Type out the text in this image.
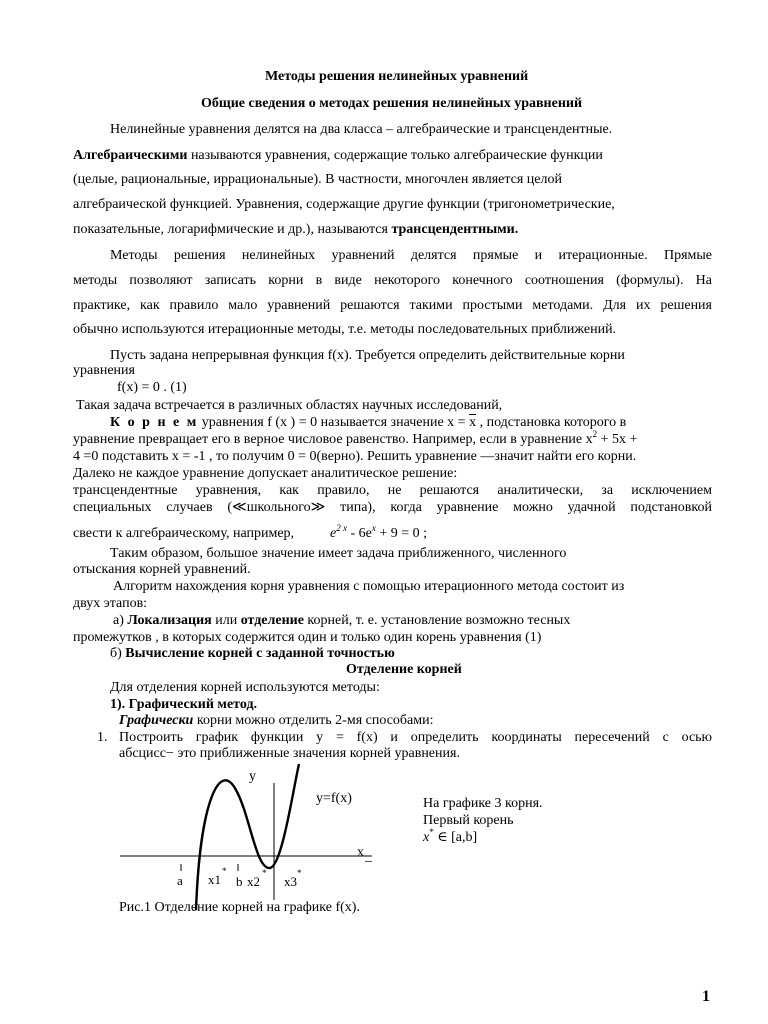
Методы решения нелинейных уравнений
Общие сведения о методах решения нелинейных уравнений
Нелинейные уравнения делятся на два класса – алгебраические и трансцендентные.
Алгебраическими называются уравнения, содержащие только алгебраические функции
(целые, рациональные, иррациональные). В частности, многочлен является целой
алгебраической функцией. Уравнения, содержащие другие функции (тригонометрические,
показательные, логарифмические и др.), называются трансцендентными.
Методы решения нелинейных уравнений делятся прямые и итерационные. Прямые
методы позволяют записать корни в виде некоторого конечного соотношения (формулы). На
практике, как правило мало уравнений решаются такими простыми методами. Для их решения
обычно используются итерационные методы, т.е. методы последовательных приближений.
Пусть задана непрерывная функция f(x). Требуется определить действительные корни
уравнения
f(x) = 0 . (1)
Такая задача встречается в различных областях научных исследований,
К о р н е м уравнения f (x ) = 0 называется значение $x = \overline{x}$ , подстановка которого в
уравнение превращает его в верное числовое равенство. Например, если в уравнение $x^2 + 5x$ +
4 =0 подставить x = -1 , то получим 0 = 0(верно). Решить уравнение —значит найти его корни.
Далеко не каждое уравнение допускает аналитическое решение:
трансцендентные уравнения, как правило, не решаются аналитически, за исключением
специальных случаев (≪школьного≫ типа), когда уравнение можно удачной подстановкой
свести к алгебраическому, например,	$e^{2 x} - 6e^x + 9 = 0$ ;
Таким образом, большое значение имеет задача приближенного, численного
отыскания корней уравнений.
Алгоритм нахождения корня уравнения с помощью итерационного метода состоит из
двух этапов:
а) Локализация или отделение корней, т. е. установление возможно тесных
промежутков , в которых содержится один и только один корень уравнения (1)
б) Вычисление корней с заданной точностью
Отделение корней
Для отделения корней используются методы:
1). Графический метод.
Графически корни можно отделить 2-мя способами:
1. Построить график функции y = f(x) и определить координаты пересечений с осью
абсцисс− это приближенные значения корней уравнения.
y
y=f(x)
x _
a x1
*
b x2
*
x3
*
На графике 3 корня.
Первый корень
x* ∈ [a,b]
Рис.1 Отделение корней на графике f(x).
1
